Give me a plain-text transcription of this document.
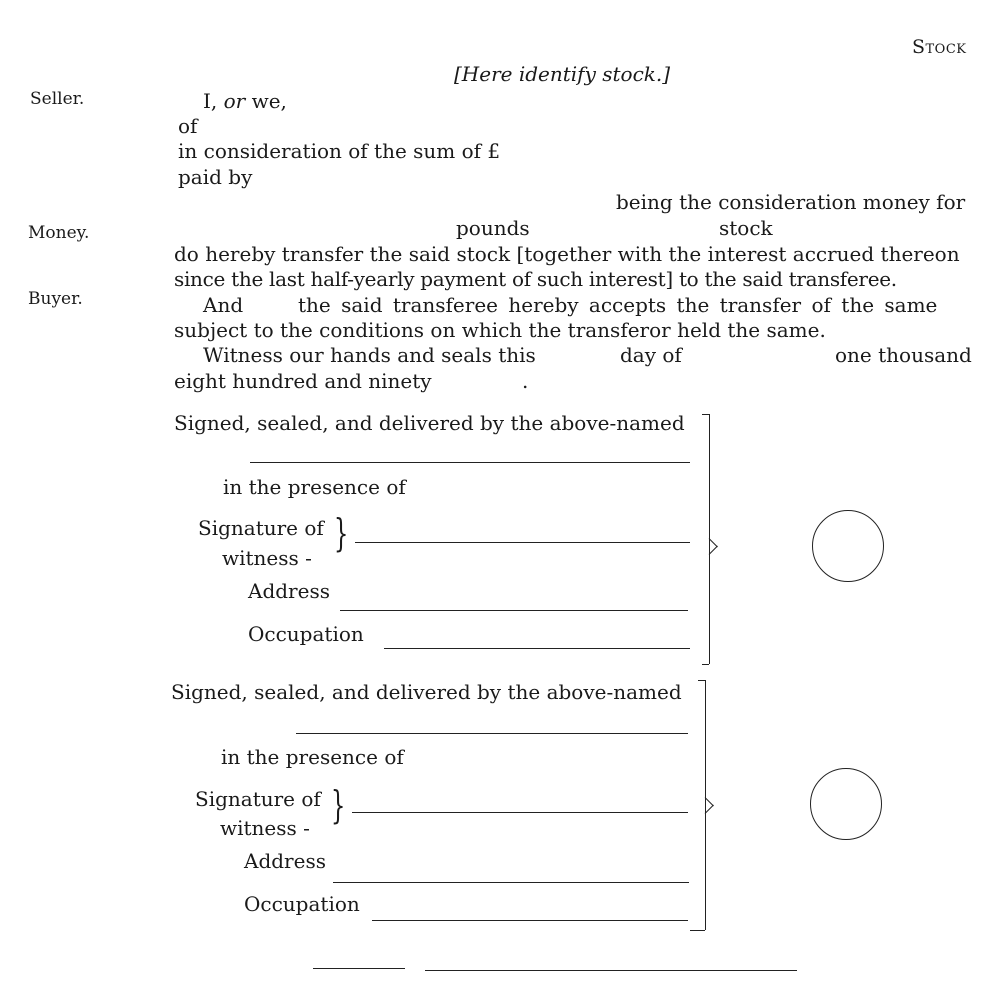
Stock
[Here identify stock.]
Seller.
Money.
Buyer.
I, or we,
of
in consideration of the sum of £
paid by
being the consideration money for
pounds	stock
do hereby transfer the said stock [together with the interest accrued thereon
since the last half-yearly payment of such interest] to the said transferee.
And	the said transferee hereby accepts the transfer of the same
subject to the conditions on which the transferor held the same.
Witness our hands and seals this	day of	one thousand
eight hundred and ninety	.
Signed, sealed, and delivered by the above-named
in the presence of
Signature of
witness -
}
Address
Occupation
Signed, sealed, and delivered by the above-named
in the presence of
Signature of
witness -
}
Address
Occupation
